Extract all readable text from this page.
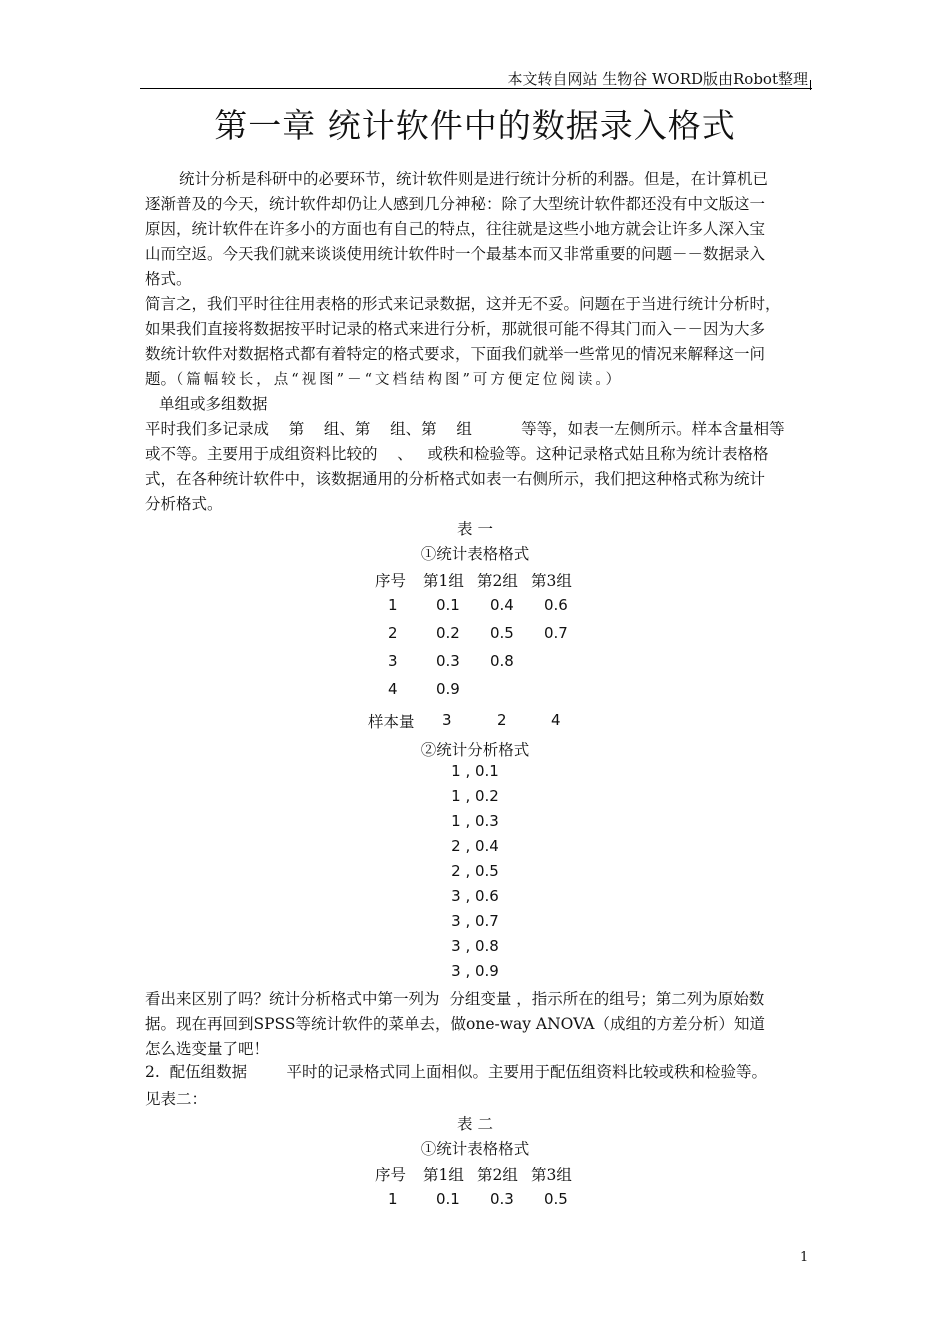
本文转自网站 生物谷 WORD版由Robot整理
第一章 统计软件中的数据录入格式
统计分析是科研中的必要环节，统计软件则是进行统计分析的利器。但是，在计算机已
逐渐普及的今天，统计软件却仍让人感到几分神秘：除了大型统计软件都还没有中文版这一
原因，统计软件在许多小的方面也有自己的特点，往往就是这些小地方就会让许多人深入宝
山而空返。今天我们就来谈谈使用统计软件时一个最基本而又非常重要的问题－－数据录入
格式。
简言之，我们平时往往用表格的形式来记录数据，这并无不妥。问题在于当进行统计分析时，
如果我们直接将数据按平时记录的格式来进行分析，那就很可能不得其门而入－－因为大多
数统计软件对数据格式都有着特定的格式要求，下面我们就举一些常见的情况来解释这一问
题。（篇幅较长，点“视图”－“文档结构图”可方便定位阅读。）
单组或多组数据
平时我们多记录成    第    组、第    组、第    组          等等，如表一左侧所示。样本含量相等
或不等。主要用于成组资料比较的    、   或秩和检验等。这种记录格式姑且称为统计表格格
式，在各种统计软件中，该数据通用的分析格式如表一右侧所示，我们把这种格式称为统计
分析格式。
表 一
①统计表格格式
序号 第1组 第2组 第3组
1	0.1 0.4 0.6
2	0.2 0.5 0.7
3	0.3 0.8
4	0.9
样本量 3	2	4
②统计分析格式
1 , 0.1
1 , 0.2
1 , 0.3
2 , 0.4
2 , 0.5
3 , 0.6
3 , 0.7
3 , 0.8
3 , 0.9
看出来区别了吗？统计分析格式中第一列为  分组变量 ，指示所在的组号；第二列为原始数
据。现在再回到SPSS等统计软件的菜单去，做one-way ANOVA（成组的方差分析）知道
怎么选变量了吧！
2.  配伍组数据        平时的记录格式同上面相似。主要用于配伍组资料比较或秩和检验等。
见表二：
表 二
①统计表格格式
序号 第1组 第2组 第3组
1	0.1 0.3 0.5
1
